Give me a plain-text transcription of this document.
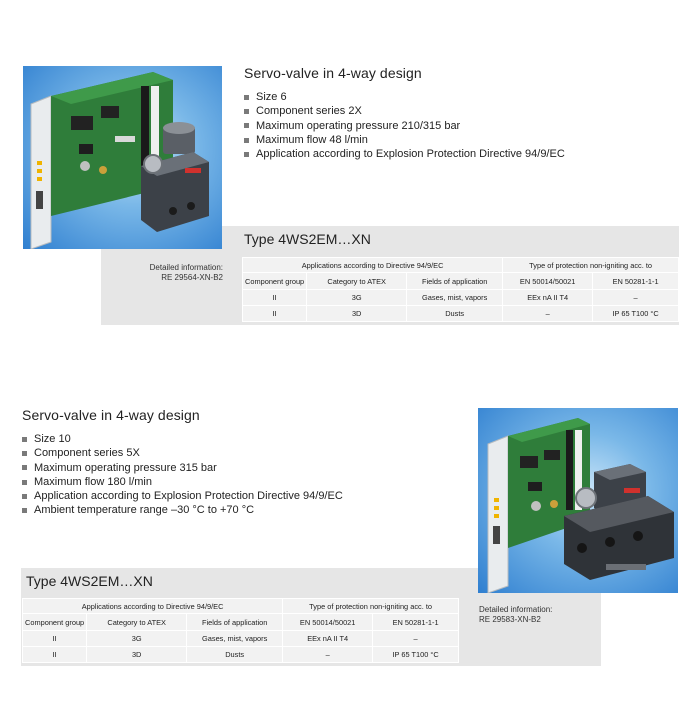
Servo-valve in 4-way design
Size 6
Component series 2X
Maximum operating pressure 210/315 bar
Maximum flow 48 l/min
Application according to Explosion Protection Directive 94/9/EC
Type 4WS2EM…XN
Detailed information:
RE 29564-XN-B2
Applications according to Directive 94/9/EC			Type of protection non-igniting acc. to	
Component group	Category to ATEX	Fields of application	EN 50014/50021	EN 50281-1-1
II	3G	Gases, mist, vapors	EEx nA II T4	–
II	3D	Dusts	–	IP 65 T100 °C
Servo-valve in 4-way design
Size 10
Component series 5X
Maximum operating pressure 315 bar
Maximum flow 180 l/min
Application according to Explosion Protection Directive 94/9/EC
Ambient temperature range –30 °C to +70 °C
Type 4WS2EM…XN
Detailed information:
RE 29583-XN-B2
Applications according to Directive 94/9/EC			Type of protection non-igniting acc. to	
Component group	Category to ATEX	Fields of application	EN 50014/50021	EN 50281-1-1
II	3G	Gases, mist, vapors	EEx nA II T4	–
II	3D	Dusts	–	IP 65 T100 °C
